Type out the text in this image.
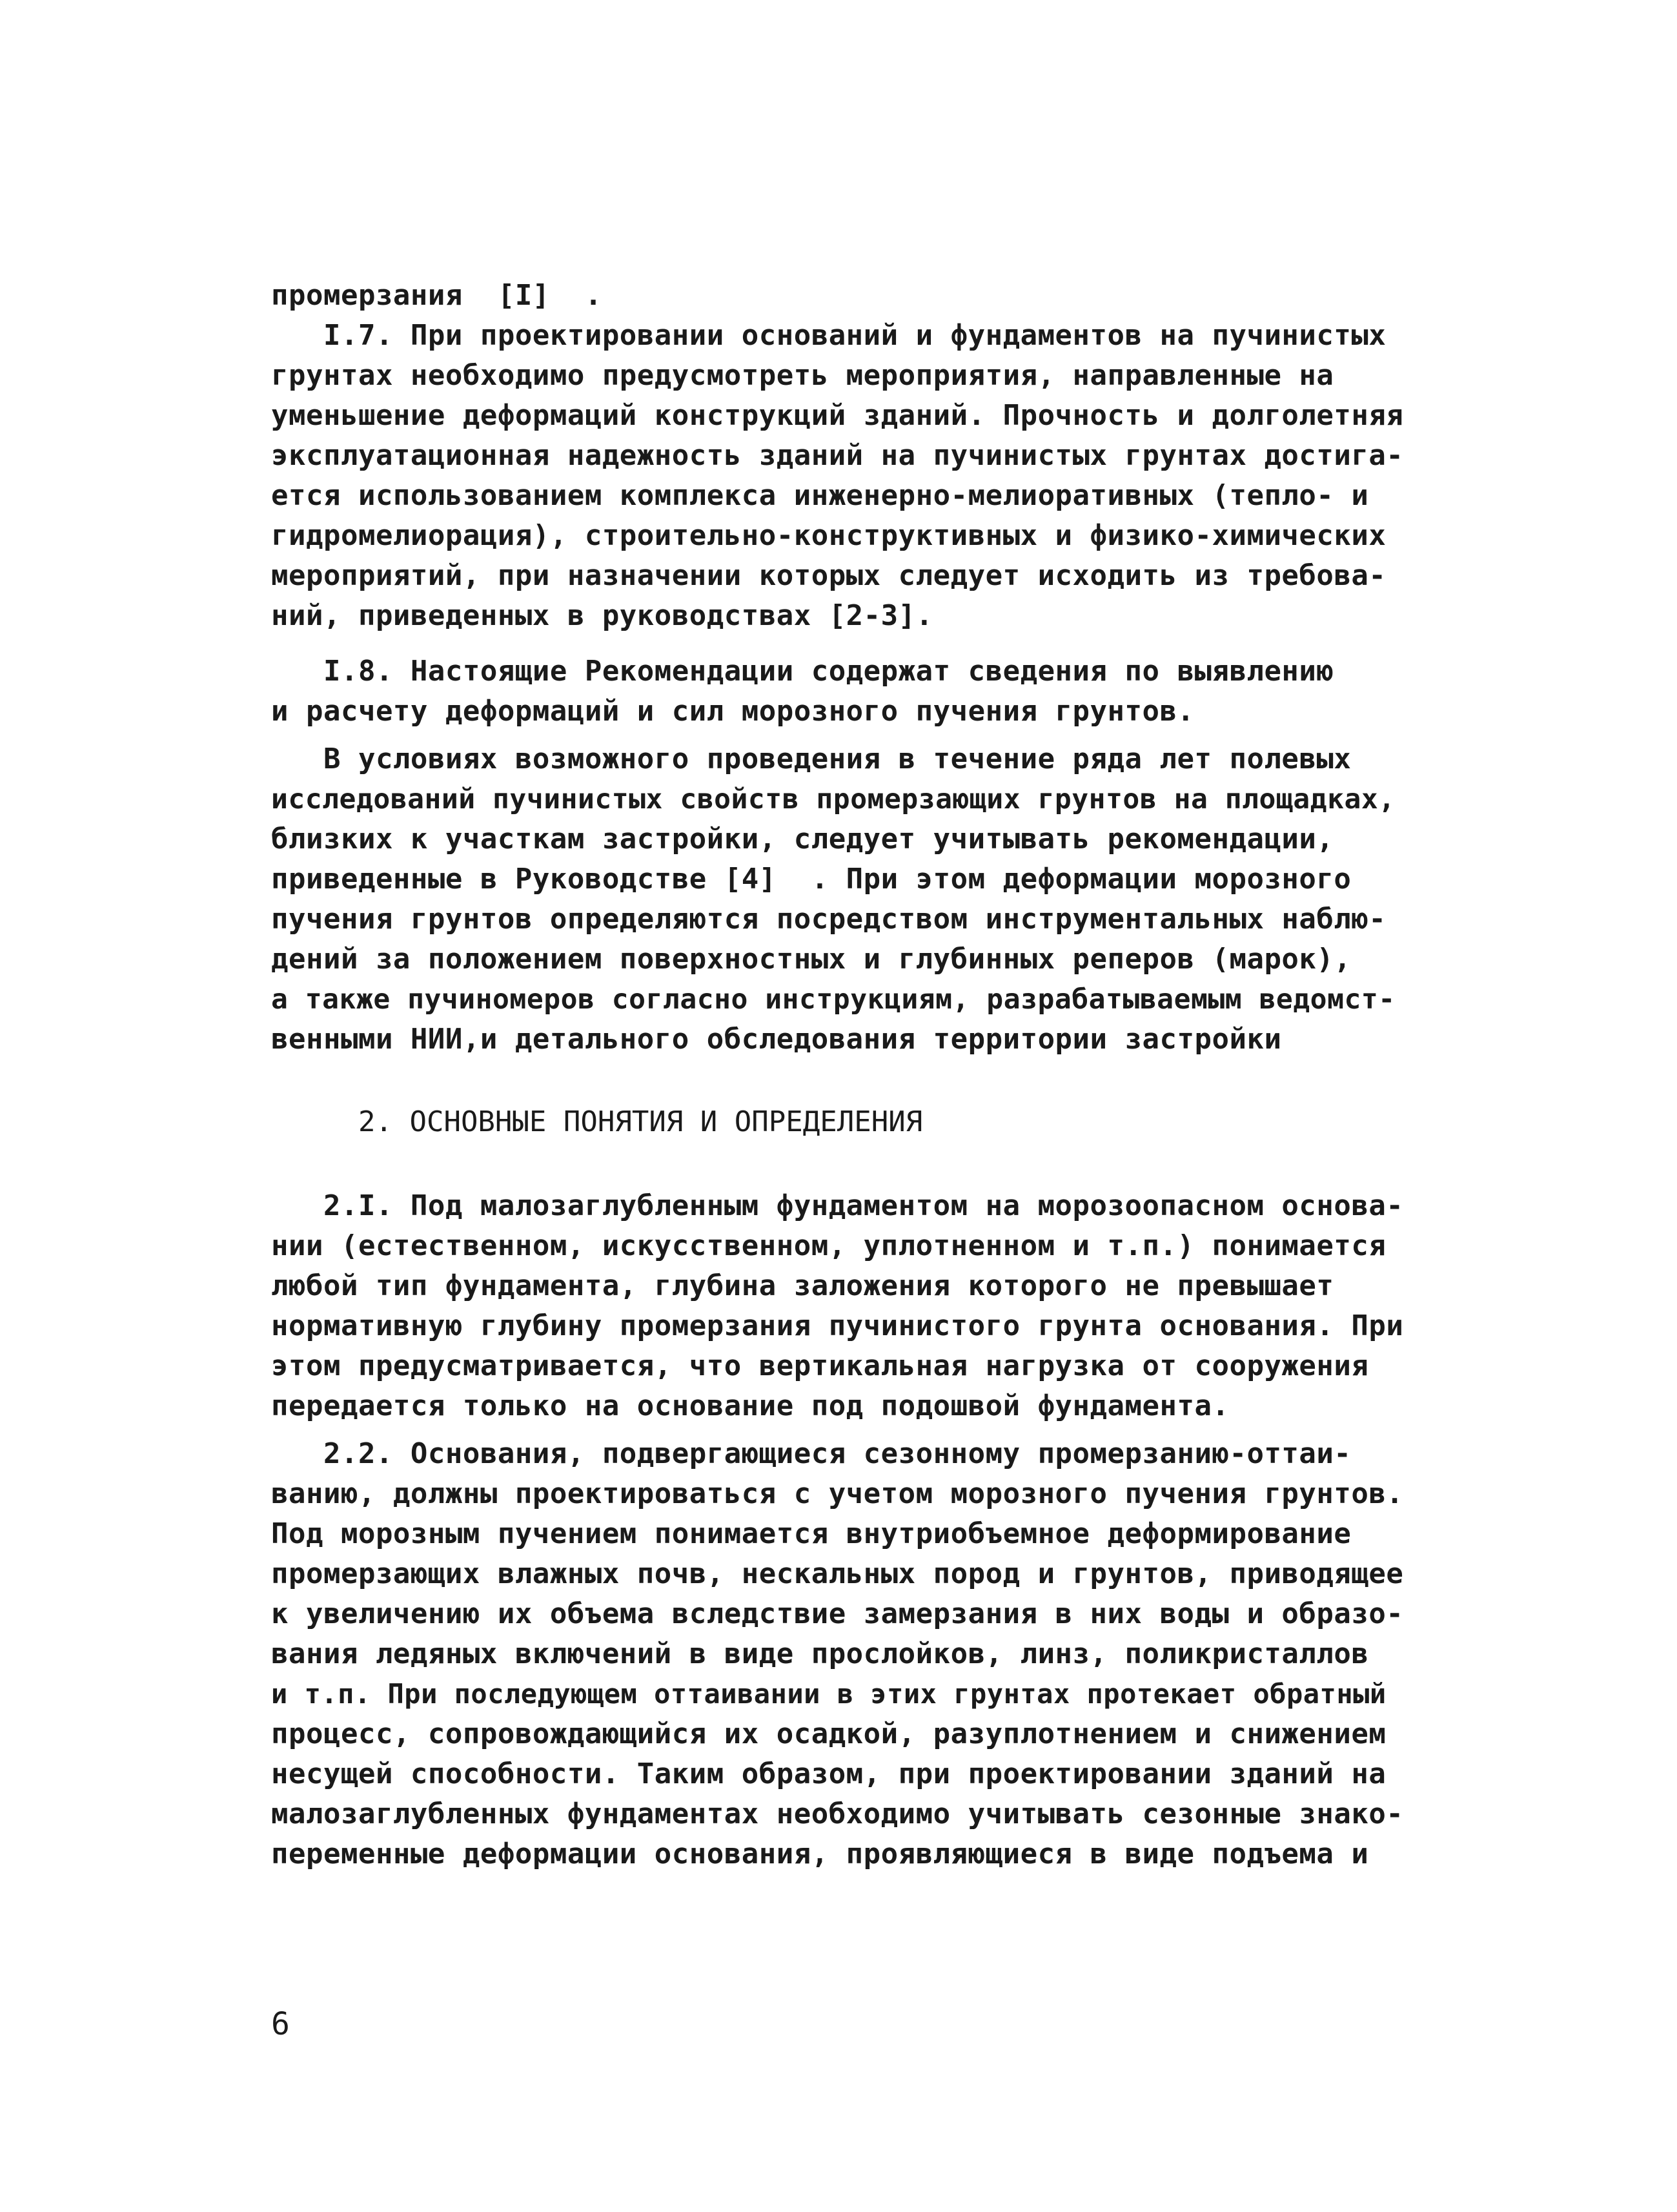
промерзания  [I]  .
I.7. При проектировании оснований и фундаментов на пучинистых
грунтах необходимо предусмотреть мероприятия, направленные на
уменьшение деформаций конструкций зданий. Прочность и долголетняя
эксплуатационная надежность зданий на пучинистых грунтах достига-
ется использованием комплекса инженерно-мелиоративных (тепло- и
гидромелиорация), строительно-конструктивных и физико-химических
мероприятий, при назначении которых следует исходить из требова-
ний, приведенных в руководствах [2-3].
I.8. Настоящие Рекомендации содержат сведения по выявлению
и расчету деформаций и сил морозного пучения грунтов.
В условиях возможного проведения в течение ряда лет полевых
исследований пучинистых свойств промерзающих грунтов на площадках,
близких к участкам застройки, следует учитывать рекомендации,
приведенные в Руководстве [4]  . При этом деформации морозного
пучения грунтов определяются посредством инструментальных наблю-
дений за положением поверхностных и глубинных реперов (марок),
а также пучиномеров согласно инструкциям, разрабатываемым ведомст-
венными НИИ,и детального обследования территории застройки
2. ОСНОВНЫЕ ПОНЯТИЯ И ОПРЕДЕЛЕНИЯ
2.I. Под малозаглубленным фундаментом на морозоопасном основа-
нии (естественном, искусственном, уплотненном и т.п.) понимается
любой тип фундамента, глубина заложения которого не превышает
нормативную глубину промерзания пучинистого грунта основания. При
этом предусматривается, что вертикальная нагрузка от сооружения
передается только на основание под подошвой фундамента.
2.2. Основания, подвергающиеся сезонному промерзанию-оттаи-
ванию, должны проектироваться с учетом морозного пучения грунтов.
Под морозным пучением понимается внутриобъемное деформирование
промерзающих влажных почв, нескальных пород и грунтов, приводящее
к увеличению их объема вследствие замерзания в них воды и образо-
вания ледяных включений в виде прослойков, линз, поликристаллов
и т.п. При последующем оттаивании в этих грунтах протекает обратный
процесс, сопровождающийся их осадкой, разуплотнением и снижением
несущей способности. Таким образом, при проектировании зданий на
малозаглубленных фундаментах необходимо учитывать сезонные знако-
переменные деформации основания, проявляющиеся в виде подъема и
6
